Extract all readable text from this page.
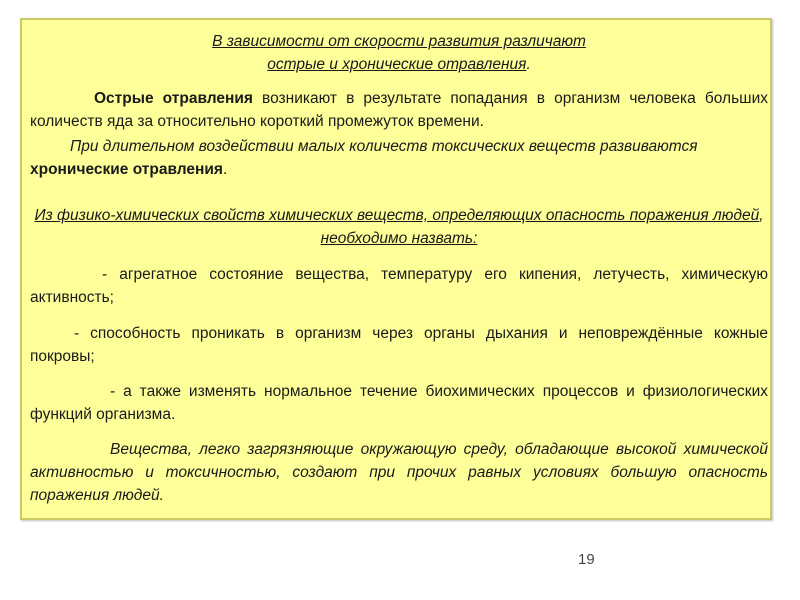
В зависимости от скорости развития различают
острые и хронические отравления.

Острые отравления возникают в результате попадания в организм человека больших количеств яда за относительно короткий промежуток времени.

При длительном воздействии малых количеств токсических веществ развиваются хронические отравления.

Из физико-химических свойств химических веществ, определяющих опасность поражения людей, необходимо назвать:

- агрегатное состояние вещества, температуру его кипения, летучесть, химическую активность;

- способность проникать в организм через органы дыхания и неповреждённые кожные покровы;

- а также изменять нормальное течение биохимических процессов и физиологических функций организма.

Вещества, легко загрязняющие окружающую среду, обладающие высокой химической активностью и токсичностью, создают при прочих равных условиях большую опасность поражения людей.

19
